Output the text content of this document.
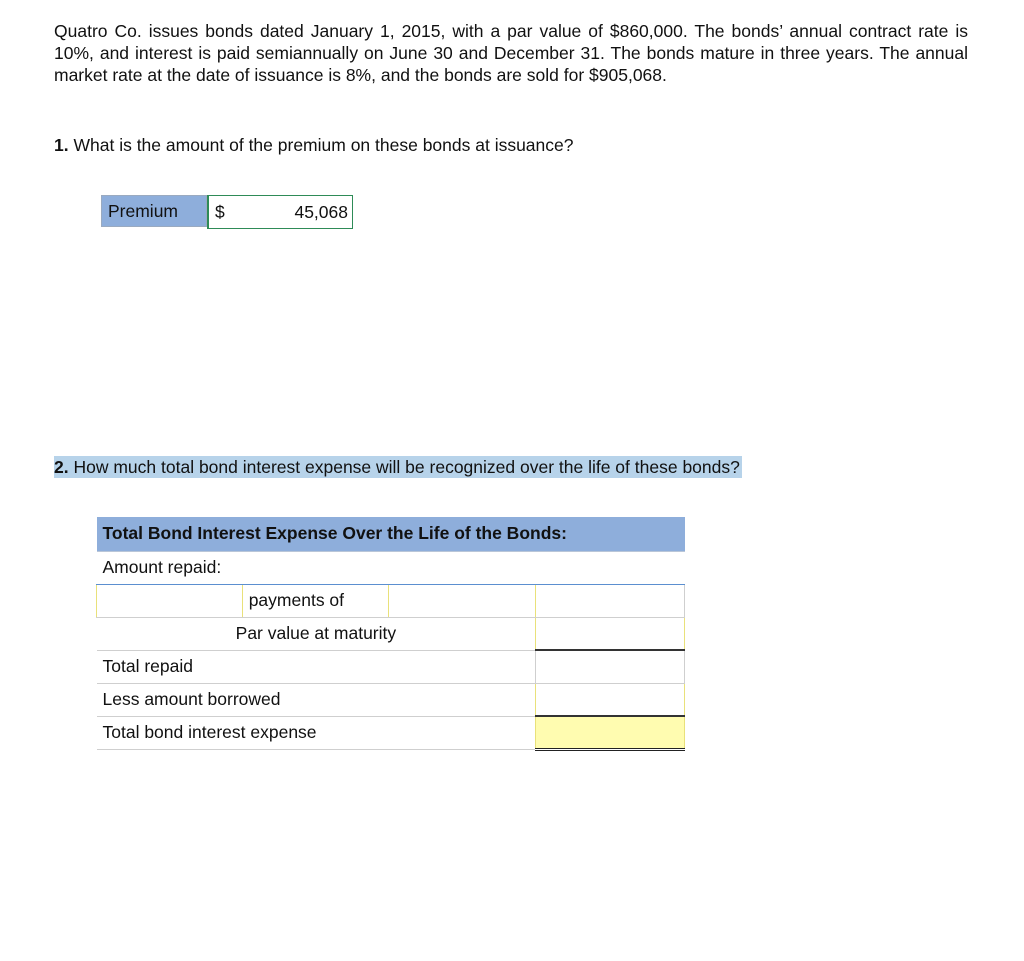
Quatro Co. issues bonds dated January 1, 2015, with a par value of $860,000. The bonds’ annual contract rate is 10%, and interest is paid semiannually on June 30 and December 31. The bonds mature in three years. The annual market rate at the date of issuance is 8%, and the bonds are sold for $905,068.

1. What is the amount of the premium on these bonds at issuance?

Premium	$	45,068

2. How much total bond interest expense will be recognized over the life of these bonds?

Total Bond Interest Expense Over the Life of the Bonds:			
Amount repaid:			
	payments of		
Par value at maturity			
Total repaid			
Less amount borrowed			
Total bond interest expense			
